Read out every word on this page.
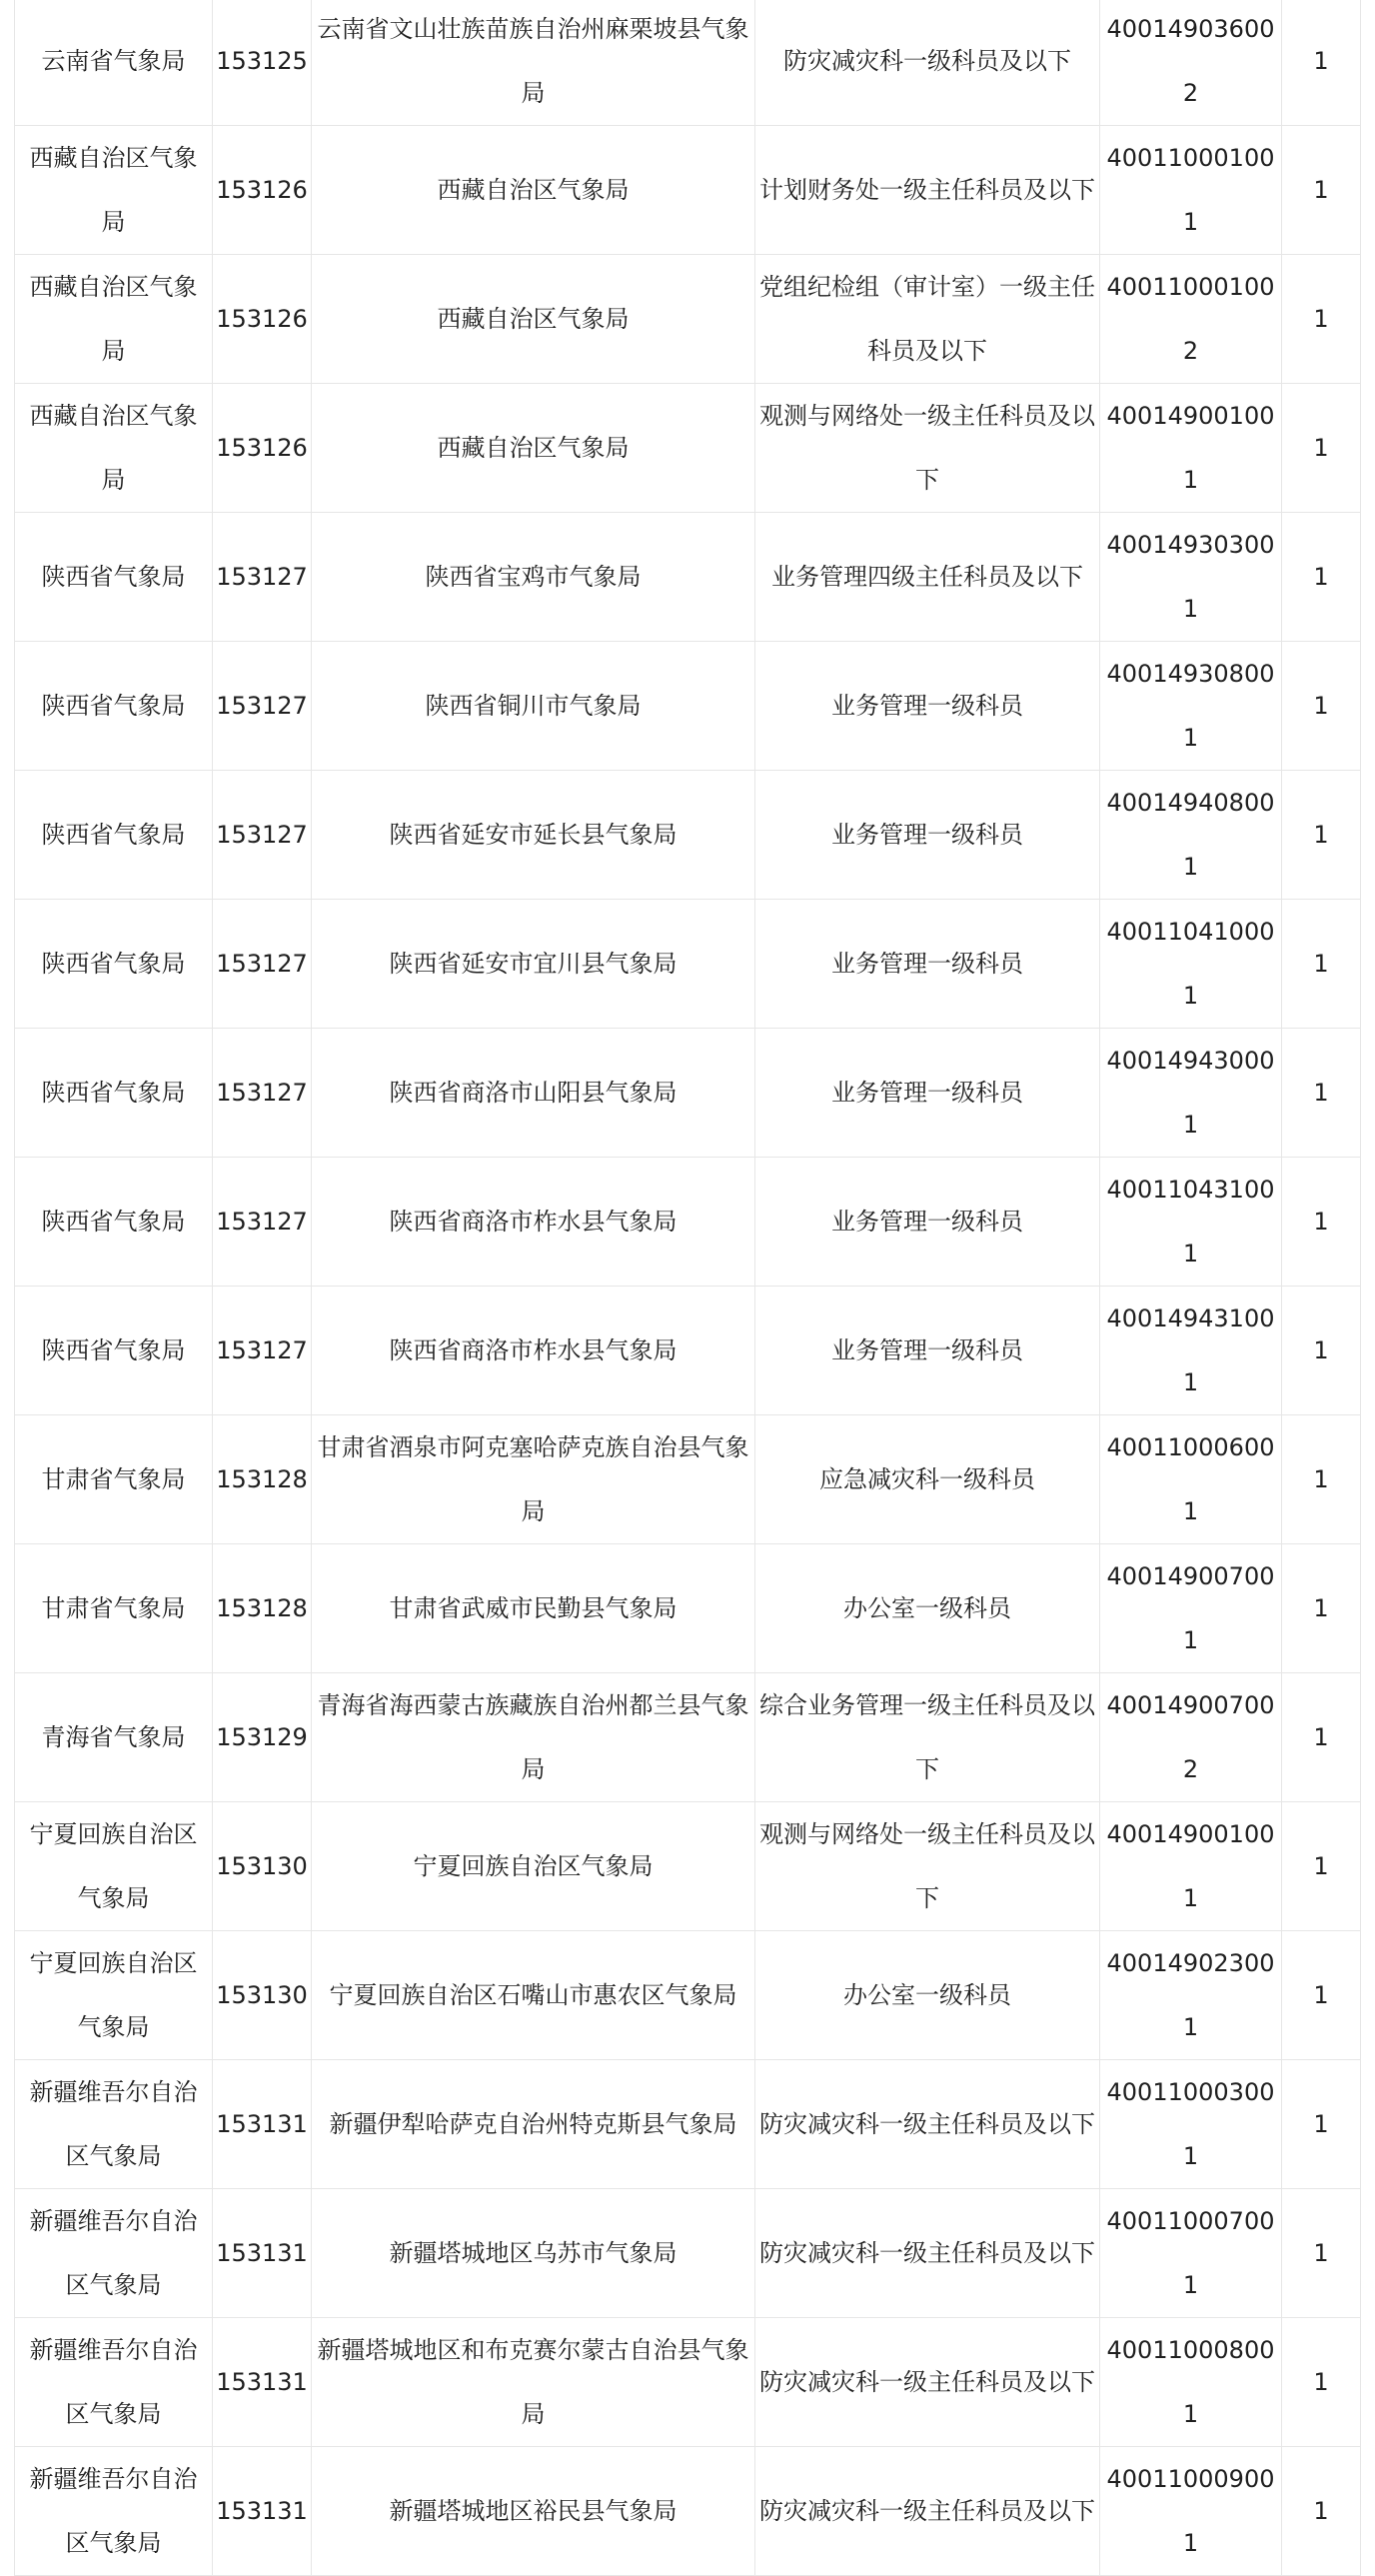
云南省气象局	153125	云南省文山壮族苗族自治州麻栗坡县气象局	防灾减灾科一级科员及以下	400149036002	1
西藏自治区气象局	153126	西藏自治区气象局	计划财务处一级主任科员及以下	400110001001	1
西藏自治区气象局	153126	西藏自治区气象局	党组纪检组（审计室）一级主任科员及以下	400110001002	1
西藏自治区气象局	153126	西藏自治区气象局	观测与网络处一级主任科员及以下	400149001001	1
陕西省气象局	153127	陕西省宝鸡市气象局	业务管理四级主任科员及以下	400149303001	1
陕西省气象局	153127	陕西省铜川市气象局	业务管理一级科员	400149308001	1
陕西省气象局	153127	陕西省延安市延长县气象局	业务管理一级科员	400149408001	1
陕西省气象局	153127	陕西省延安市宜川县气象局	业务管理一级科员	400110410001	1
陕西省气象局	153127	陕西省商洛市山阳县气象局	业务管理一级科员	400149430001	1
陕西省气象局	153127	陕西省商洛市柞水县气象局	业务管理一级科员	400110431001	1
陕西省气象局	153127	陕西省商洛市柞水县气象局	业务管理一级科员	400149431001	1
甘肃省气象局	153128	甘肃省酒泉市阿克塞哈萨克族自治县气象局	应急减灾科一级科员	400110006001	1
甘肃省气象局	153128	甘肃省武威市民勤县气象局	办公室一级科员	400149007001	1
青海省气象局	153129	青海省海西蒙古族藏族自治州都兰县气象局	综合业务管理一级主任科员及以下	400149007002	1
宁夏回族自治区气象局	153130	宁夏回族自治区气象局	观测与网络处一级主任科员及以下	400149001001	1
宁夏回族自治区气象局	153130	宁夏回族自治区石嘴山市惠农区气象局	办公室一级科员	400149023001	1
新疆维吾尔自治区气象局	153131	新疆伊犁哈萨克自治州特克斯县气象局	防灾减灾科一级主任科员及以下	400110003001	1
新疆维吾尔自治区气象局	153131	新疆塔城地区乌苏市气象局	防灾减灾科一级主任科员及以下	400110007001	1
新疆维吾尔自治区气象局	153131	新疆塔城地区和布克赛尔蒙古自治县气象局	防灾减灾科一级主任科员及以下	400110008001	1
新疆维吾尔自治区气象局	153131	新疆塔城地区裕民县气象局	防灾减灾科一级主任科员及以下	400110009001	1
